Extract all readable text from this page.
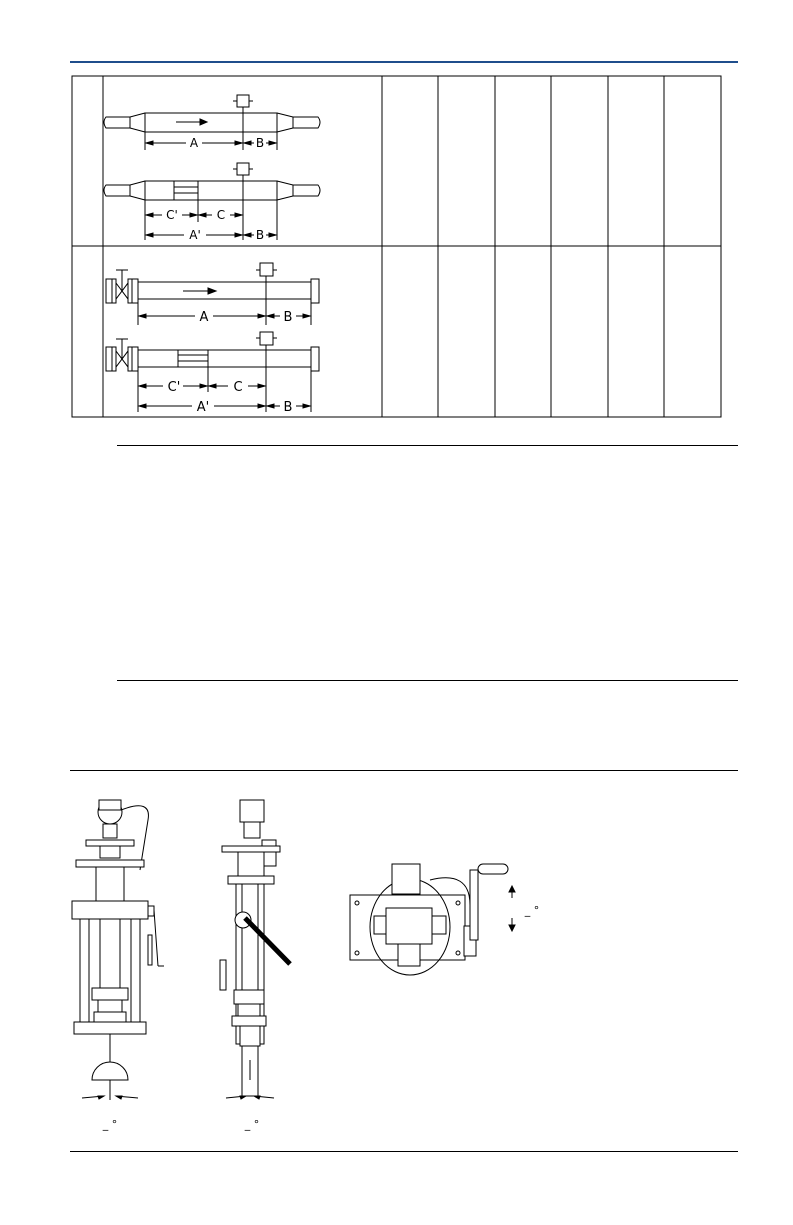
A	B
C'	C
A'	B
A	B
C'	C
A'	B
_ °	_ °
_ °
